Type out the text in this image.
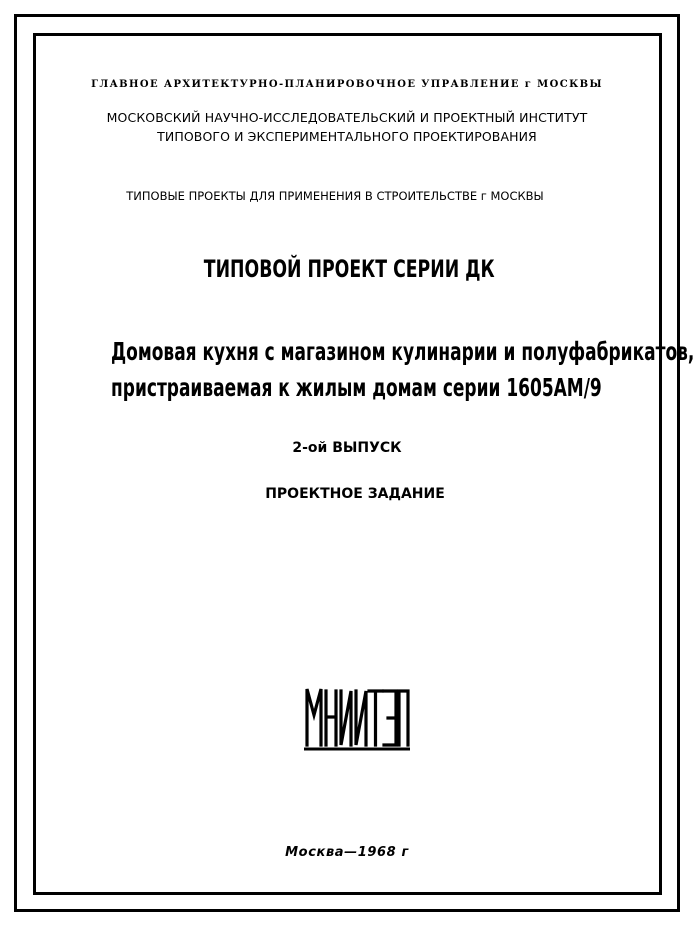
ГЛАВНОЕ АРХИТЕКТУРНО-ПЛАНИРОВОЧНОЕ УПРАВЛЕНИЕ г МОСКВЫ
МОСКОВСКИЙ НАУЧНО-ИССЛЕДОВАТЕЛЬСКИЙ И ПРОЕКТНЫЙ ИНСТИТУТ
ТИПОВОГО И ЭКСПЕРИМЕНТАЛЬНОГО ПРОЕКТИРОВАНИЯ
ТИПОВЫЕ ПРОЕКТЫ ДЛЯ ПРИМЕНЕНИЯ В СТРОИТЕЛЬСТВЕ г МОСКВЫ
ТИПОВОЙ ПРОЕКТ СЕРИИ ДК
Домовая кухня с магазином кулинарии и полуфабрикатов,
пристраиваемая к жилым домам серии 1605АМ/9
2-ой ВЫПУСК
ПРОЕКТНОЕ ЗАДАНИЕ
Москва—1968 г
